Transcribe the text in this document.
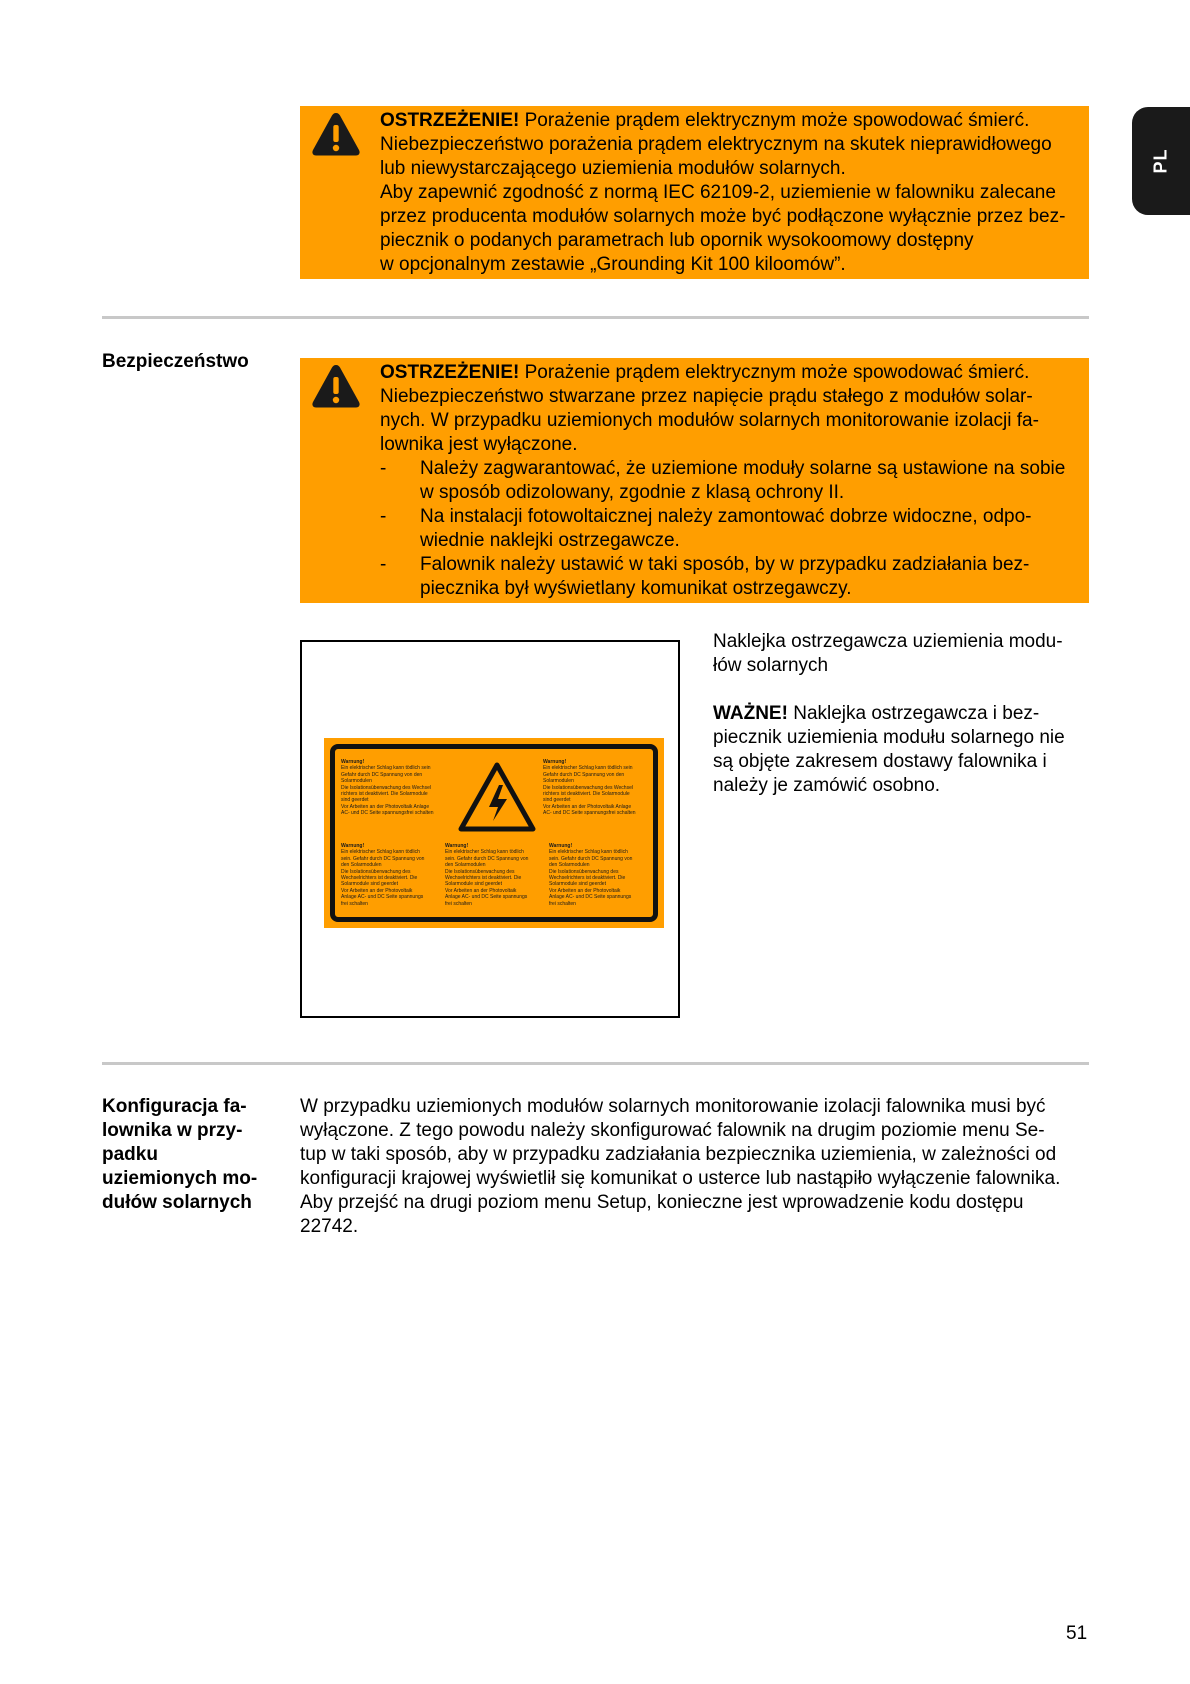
PL
OSTRZEŻENIE! Porażenie prądem elektrycznym może spowodować śmierć.
Niebezpieczeństwo porażenia prądem elektrycznym na skutek nieprawidłowego
lub niewystarczającego uziemienia modułów solarnych.
Aby zapewnić zgodność z normą IEC 62109-2, uziemienie w falowniku zalecane
przez producenta modułów solarnych może być podłączone wyłącznie przez bez-
piecznik o podanych parametrach lub opornik wysokoomowy dostępny
w opcjonalnym zestawie „Grounding Kit 100 kiloomów”.
Bezpieczeństwo
OSTRZEŻENIE! Porażenie prądem elektrycznym może spowodować śmierć.
Niebezpieczeństwo stwarzane przez napięcie prądu stałego z modułów solar-
nych. W przypadku uziemionych modułów solarnych monitorowanie izolacji fa-
lownika jest wyłączone.
-	Należy zagwarantować, że uziemione moduły solarne są ustawione na sobie
w sposób odizolowany, zgodnie z klasą ochrony II.
-	Na instalacji fotowoltaicznej należy zamontować dobrze widoczne, odpo-
wiednie naklejki ostrzegawcze.
-	Falownik należy ustawić w taki sposób, by w przypadku zadziałania bez-
piecznika był wyświetlany komunikat ostrzegawczy.
Warnung!
Ein elektrischer Schlag kann tödlich sein
Gefahr durch DC Spannung von den
Solarmodulen
Die Isolationsüberwachung des Wechsel
richters ist deaktiviert. Die Solarmodule
sind geerdet
Vor Arbeiten an der Photovoltaik Anlage
AC- und DC Seite spannungsfrei schalten
Warnung!
Ein elektrischer Schlag kann tödlich sein
Gefahr durch DC Spannung von den
Solarmodulen
Die Isolationsüberwachung des Wechsel
richters ist deaktiviert. Die Solarmodule
sind geerdet
Vor Arbeiten an der Photovoltaik Anlage
AC- und DC Seite spannungsfrei schalten
Warnung!
Ein elektrischer Schlag kann tödlich
sein. Gefahr durch DC Spannung von
den Solarmodulen
Die Isolationsüberwachung des
Wechselrichters ist deaktiviert. Die
Solarmodule sind geerdet
Vor Arbeiten an der Photovoltaik
Anlage AC- und DC Seite spannungs
frei schalten
Warnung!
Ein elektrischer Schlag kann tödlich
sein. Gefahr durch DC Spannung von
den Solarmodulen
Die Isolationsüberwachung des
Wechselrichters ist deaktiviert. Die
Solarmodule sind geerdet
Vor Arbeiten an der Photovoltaik
Anlage AC- und DC Seite spannungs
frei schalten
Warnung!
Ein elektrischer Schlag kann tödlich
sein. Gefahr durch DC Spannung von
den Solarmodulen
Die Isolationsüberwachung des
Wechselrichters ist deaktiviert. Die
Solarmodule sind geerdet
Vor Arbeiten an der Photovoltaik
Anlage AC- und DC Seite spannungs
frei schalten
Naklejka ostrzegawcza uziemienia modu-
łów solarnych
WAŻNE! Naklejka ostrzegawcza i bez-
piecznik uziemienia modułu solarnego nie
są objęte zakresem dostawy falownika i
należy je zamówić osobno.
Konfiguracja fa-
lownika w przy-
padku
uziemionych mo-
dułów solarnych
W przypadku uziemionych modułów solarnych monitorowanie izolacji falownika musi być
wyłączone. Z tego powodu należy skonfigurować falownik na drugim poziomie menu Se-
tup w taki sposób, aby w przypadku zadziałania bezpiecznika uziemienia, w zależności od
konfiguracji krajowej wyświetlił się komunikat o usterce lub nastąpiło wyłączenie falownika.
Aby przejść na drugi poziom menu Setup, konieczne jest wprowadzenie kodu dostępu
22742.
51
